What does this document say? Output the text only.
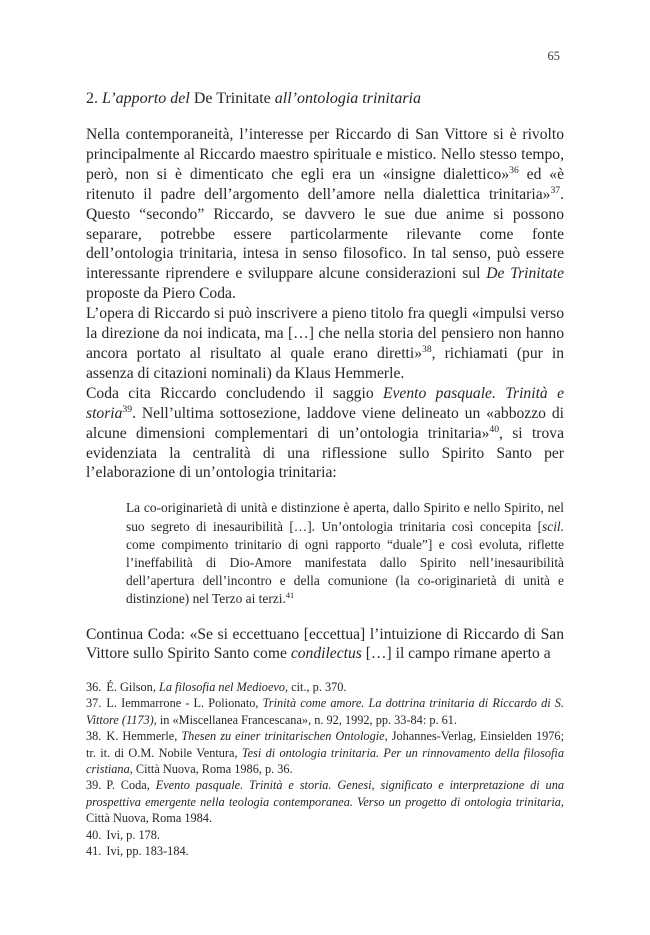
65
2. L’apporto del De Trinitate all’ontologia trinitaria

Nella contemporaneità, l’interesse per Riccardo di San Vittore si è rivolto principalmente al Riccardo maestro spirituale e mistico. Nello stesso tempo, però, non si è dimenticato che egli era un «insigne dialettico»$^{36}$ ed «è ritenuto il padre dell’argomento dell’amore nella dialettica trinitaria»$^{37}$. Questo “secondo” Riccardo, se davvero le sue due anime si possono separare, potrebbe essere particolarmente rilevante come fonte dell’ontologia trinitaria, intesa in senso filosofico. In tal senso, può essere interessante riprendere e sviluppare alcune considerazioni sul De Trinitate proposte da Piero Coda.

L’opera di Riccardo si può inscrivere a pieno titolo fra quegli «impulsi verso la direzione da noi indicata, ma […] che nella storia del pensiero non hanno ancora portato al risultato al quale erano diretti»$^{38}$, richiamati (pur in assenza di citazioni nominali) da Klaus Hemmerle.

Coda cita Riccardo concludendo il saggio Evento pasquale. Trinità e storia$^{39}$. Nell’ultima sottosezione, laddove viene delineato un «abbozzo di alcune dimensioni complementari di un’ontologia trinitaria»$^{40}$, si trova evidenziata la centralità di una riflessione sullo Spirito Santo per l’elaborazione di un’ontologia trinitaria:

La co-originarietà di unità e distinzione è aperta, dallo Spirito e nello Spirito, nel suo segreto di inesauribilità […]. Un’ontologia trinitaria così concepita [scil. come compimento trinitario di ogni rapporto “duale”] e così evoluta, riflette l’ineffabilità di Dio-Amore manifestata dallo Spirito nell’inesauribilità dell’apertura dell’incontro e della comunione (la co-originarietà di unità e distinzione) nel Terzo ai terzi.$^{41}$

Continua Coda: «Se si eccettuano [eccettua] l’intuizione di Riccardo di San Vittore sullo Spirito Santo come condilectus […] il campo rimane aperto a

36. É. Gilson, La filosofia nel Medioevo, cit., p. 370.

37. L. Iemmarrone - L. Polionato, Trinità come amore. La dottrina trinitaria di Riccardo di S. Vittore (1173), in «Miscellanea Francescana», n. 92, 1992, pp. 33-84: p. 61.

38. K. Hemmerle, Thesen zu einer trinitarischen Ontologie, Johannes-Verlag, Einsielden 1976; tr. it. di O.M. Nobile Ventura, Tesi di ontologia trinitaria. Per un rinnovamento della filosofia cristiana, Città Nuova, Roma 1986, p. 36.

39. P. Coda, Evento pasquale. Trinità e storia. Genesi, significato e interpretazione di una prospettiva emergente nella teologia contemporanea. Verso un progetto di ontologia trinitaria, Città Nuova, Roma 1984.

40. Ivi, p. 178.

41. Ivi, pp. 183-184.
